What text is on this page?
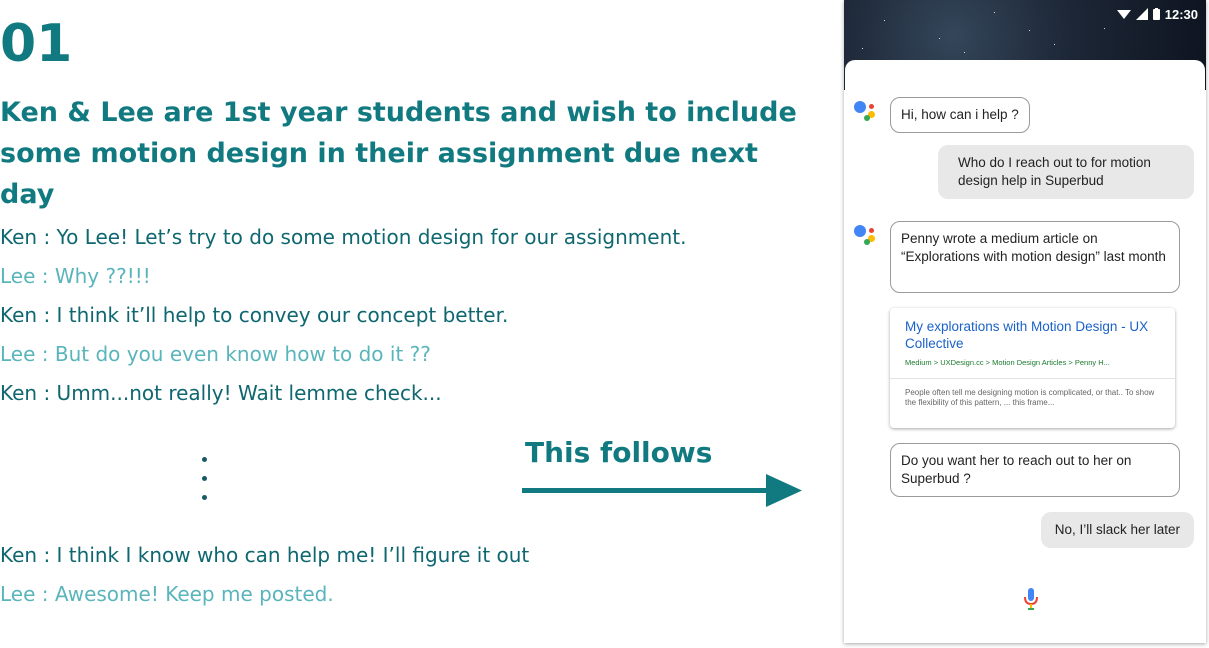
01
Ken & Lee are 1st year students and wish to include some motion design in their assignment due next day
Ken : Yo Lee! Let’s try to do some motion design for our assignment.
Lee : Why ??!!!
Ken : I think it’ll help to convey our concept better.
Lee : But do you even know how to do it ??
Ken : Umm...not really! Wait lemme check...
Ken : I think I know who can help me! I’ll figure it out
Lee : Awesome! Keep me posted.
This follows
12:30
Hi, how can i help ?
Who do I reach out to for motion design help in Superbud
Penny wrote a medium article on “Explorations with motion design” last month
My explorations with Motion Design - UX Collective
Medium > UXDesign.cc > Motion Design Articles > Penny H...
People often tell me designing motion is complicated, or that.. To show the flexibility of this pattern, ... this frame...
Do you want her to reach out to her on Superbud ?
No, I’ll slack her later
